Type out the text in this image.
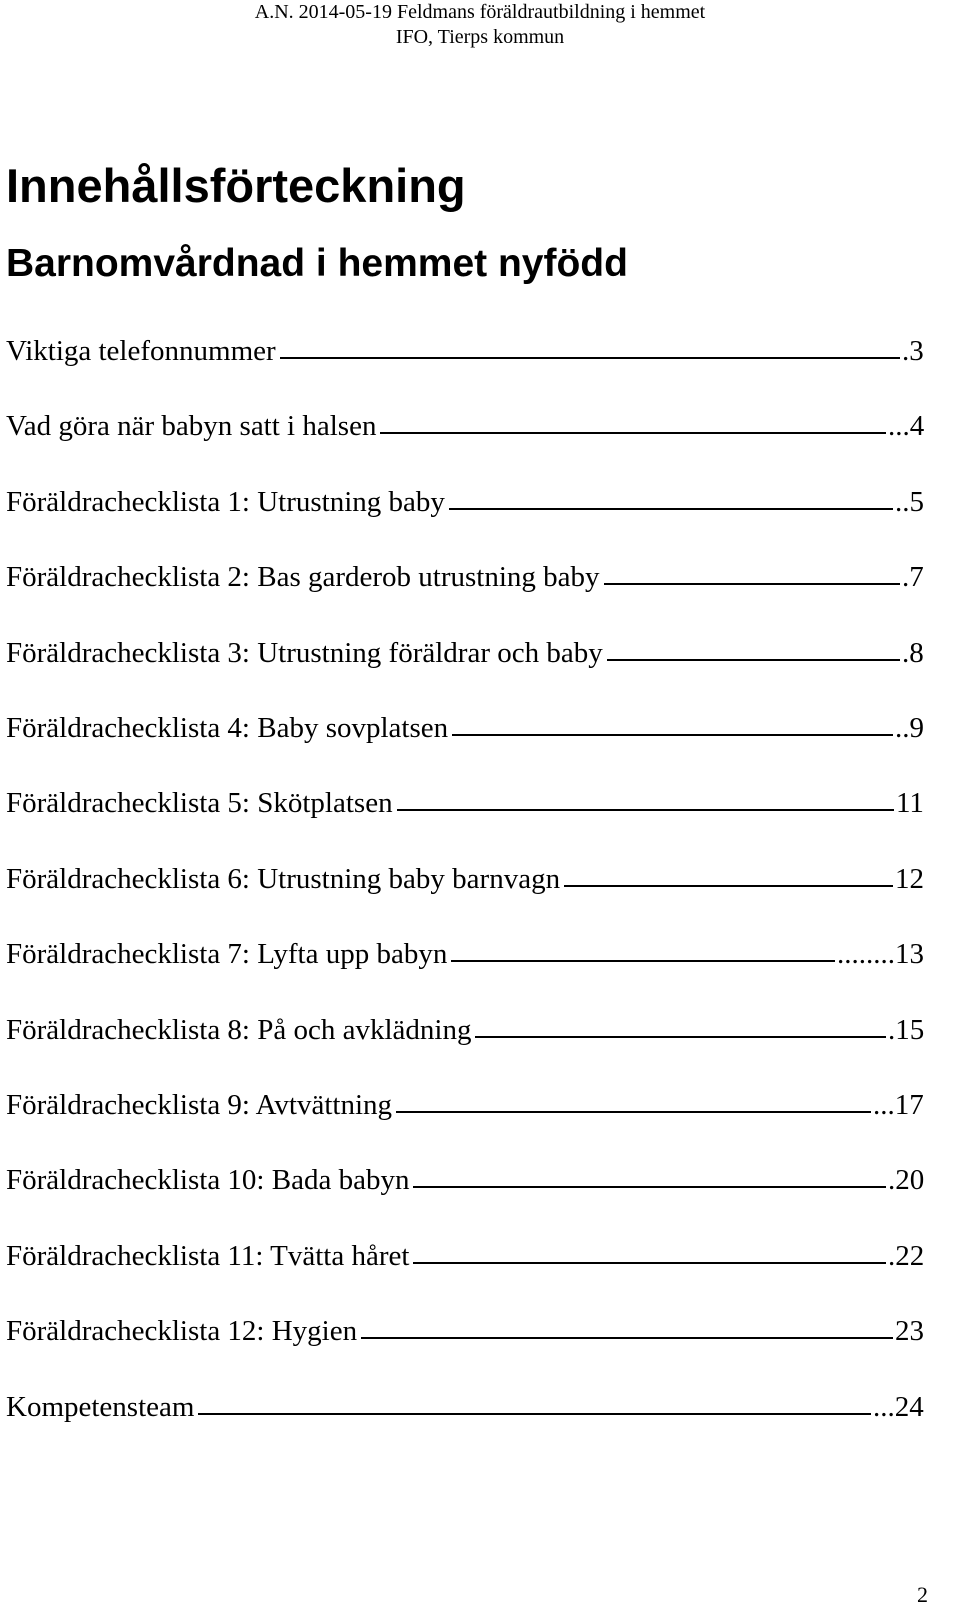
A.N. 2014-05-19 Feldmans föräldrautbildning i hemmet
IFO, Tierps kommun
Innehållsförteckning
Barnomvårdnad i hemmet nyfödd
Viktiga telefonnummer	.3
Vad göra när babyn satt i halsen	...4
Föräldrachecklista 1: Utrustning baby	..5
Föräldrachecklista 2: Bas garderob utrustning baby	.7
Föräldrachecklista 3: Utrustning föräldrar och baby	.8
Föräldrachecklista 4: Baby sovplatsen	..9
Föräldrachecklista 5: Skötplatsen	11
Föräldrachecklista 6: Utrustning baby barnvagn	12
Föräldrachecklista 7: Lyfta upp babyn	........13
Föräldrachecklista 8: På och avklädning	.15
Föräldrachecklista 9: Avtvättning	...17
Föräldrachecklista 10: Bada babyn	.20
Föräldrachecklista 11: Tvätta håret	.22
Föräldrachecklista 12: Hygien	23
Kompetensteam	...24
2
